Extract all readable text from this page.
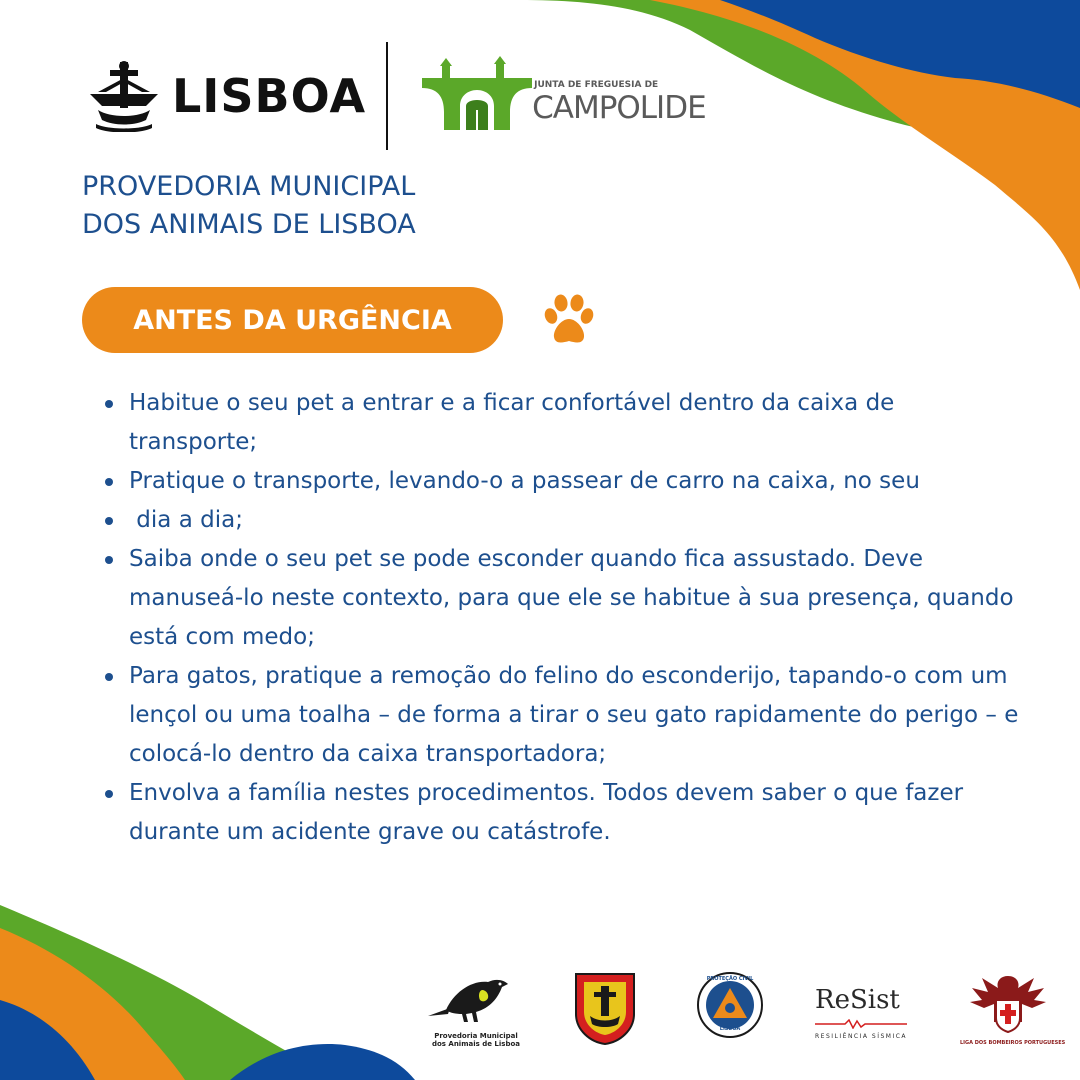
LISBOA	JUNTA DE FREGUESIA DE
CAMPOLIDE
PROVEDORIA MUNICIPAL
DOS ANIMAIS DE LISBOA
ANTES DA URGÊNCIA
Habitue o seu pet a entrar e a ficar confortável dentro da caixa de transporte;
Pratique o transporte, levando-o a passear de carro na caixa, no seu
dia a dia;
Saiba onde o seu pet se pode esconder quando fica assustado. Deve manuseá-lo neste contexto, para que ele se habitue à sua presença, quando está com medo;
Para gatos, pratique a remoção do felino do esconderijo, tapando-o com um lençol ou uma toalha – de forma a tirar o seu gato rapidamente do perigo – e colocá-lo dentro da caixa transportadora;
Envolva a família nestes procedimentos. Todos devem saber o que fazer durante um acidente grave ou catástrofe.
Provedoria Municipal
dos Animais de Lisboa
PROTEÇÃO CIVIL
LISBOA
ReSist
RESILIÊNCIA SÍSMICA
LIGA DOS BOMBEIROS PORTUGUESES
